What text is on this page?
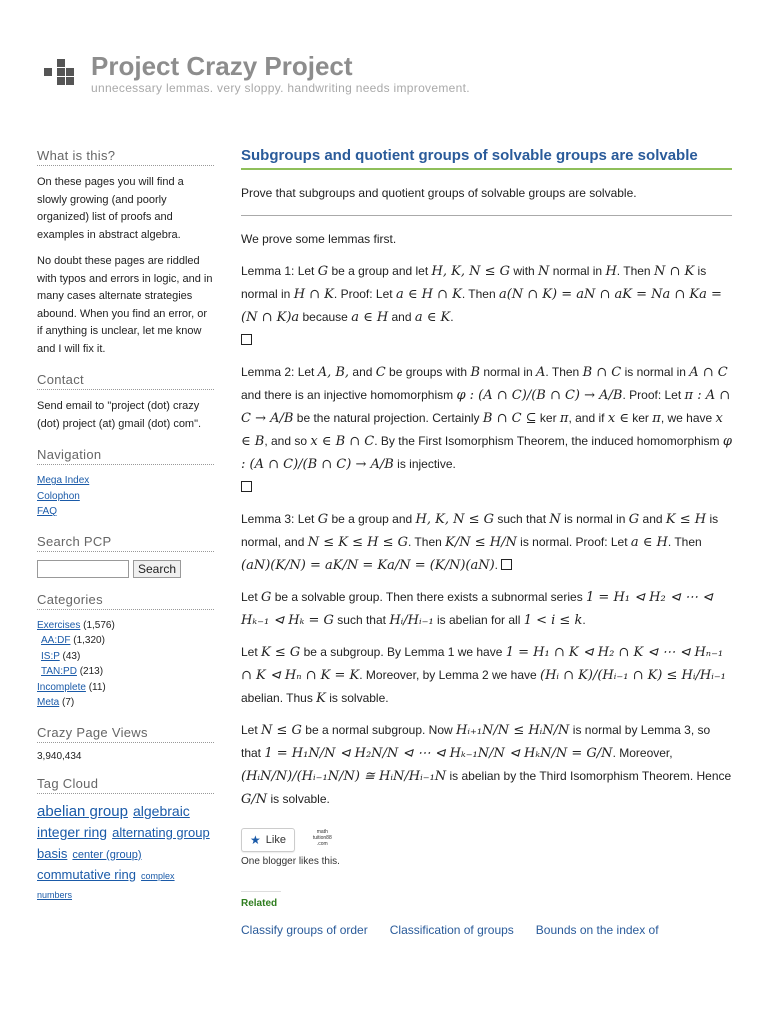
Project Crazy Project
unnecessary lemmas. very sloppy. handwriting needs improvement.
What is this?

On these pages you will find a slowly growing (and poorly organized) list of proofs and examples in abstract algebra.

No doubt these pages are riddled with typos and errors in logic, and in many cases alternate strategies abound. When you find an error, or if anything is unclear, let me know and I will fix it.

Contact

Send email to "project (dot) crazy (dot) project (at) gmail (dot) com".

Navigation
Mega Index
Colophon
FAQ
Search PCP
Search
Categories
Exercises (1,576)
AA:DF (1,320)
IS:P (43)
TAN:PD (213)
Incomplete (11)
Meta (7)
Crazy Page Views
3,940,434
Tag Cloud
abelian group algebraic integer ring alternating group basis center (group) commutative ring complex numbers
Subgroups and quotient groups of solvable groups are solvable

Prove that subgroups and quotient groups of solvable groups are solvable.

We prove some lemmas first.

Lemma 1: Let G be a group and let H, K, N ≤ G with N normal in H. Then N ∩ K is normal in H ∩ K. Proof: Let a ∈ H ∩ K. Then a(N ∩ K) = aN ∩ aK = Na ∩ Ka = (N ∩ K)a because a ∈ H and a ∈ K.

Lemma 2: Let A, B, and C be groups with B normal in A. Then B ∩ C is normal in A ∩ C and there is an injective homomorphism φ : (A ∩ C)/(B ∩ C) → A/B. Proof: Let π : A ∩ C → A/B be the natural projection. Certainly B ∩ C ⊆ ker π, and if x ∈ ker π, we have x ∈ B, and so x ∈ B ∩ C. By the First Isomorphism Theorem, the induced homomorphism φ : (A ∩ C)/(B ∩ C) → A/B is injective.

Lemma 3: Let G be a group and H, K, N ≤ G such that N is normal in G and K ≤ H is normal, and N ≤ K ≤ H ≤ G. Then K/N ≤ H/N is normal. Proof: Let a ∈ H. Then (aN)(K/N) = aK/N = Ka/N = (K/N)(aN).

Let G be a solvable group. Then there exists a subnormal series 1 = H₁ ⊲ H₂ ⊲ ⋯ ⊲ Hₖ₋₁ ⊲ Hₖ = G such that Hᵢ/Hᵢ₋₁ is abelian for all 1 < i ≤ k.

Let K ≤ G be a subgroup. By Lemma 1 we have 1 = H₁ ∩ K ⊲ H₂ ∩ K ⊲ ⋯ ⊲ Hₙ₋₁ ∩ K ⊲ Hₙ ∩ K = K. Moreover, by Lemma 2 we have (Hᵢ ∩ K)/(Hᵢ₋₁ ∩ K) ≤ Hᵢ/Hᵢ₋₁ abelian. Thus K is solvable.

Let N ≤ G be a normal subgroup. Now Hᵢ₊₁N/N ≤ HᵢN/N is normal by Lemma 3, so that 1 = H₁N/N ⊲ H₂N/N ⊲ ⋯ ⊲ Hₖ₋₁N/N ⊲ HₖN/N = G/N. Moreover, (HᵢN/N)/(Hᵢ₋₁N/N) ≅ HᵢN/Hᵢ₋₁N is abelian by the Third Isomorphism Theorem. Hence G/N is solvable.

★ Like
math tuition88 .com
One blogger likes this.
Related
Classify groups of order Classification of groups Bounds on the index of
